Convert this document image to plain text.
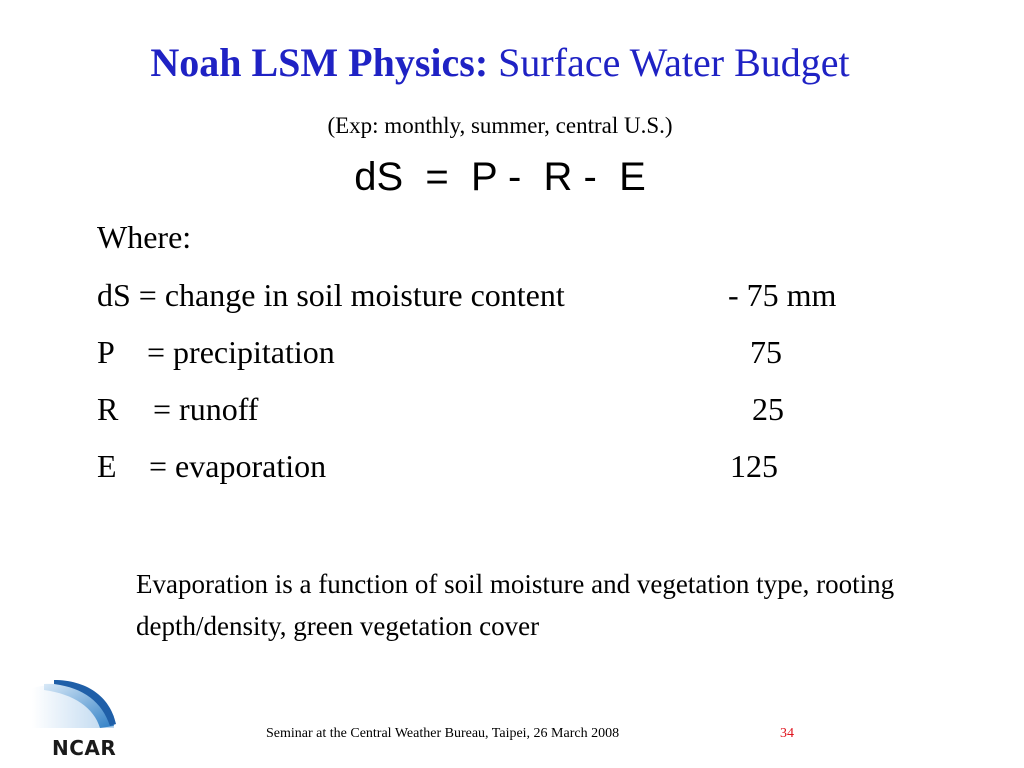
Noah LSM Physics: Surface Water Budget
(Exp: monthly, summer, central U.S.)
dS  =  P -  R -  E
Where:
dS = change in soil moisture content	- 75 mm
P = precipitation	75
R = runoff	25
E = evaporation	125
Evaporation is a function of soil moisture and vegetation type, rooting depth/density, green vegetation cover
NCAR
Seminar at the Central Weather Bureau, Taipei, 26 March 2008	34
